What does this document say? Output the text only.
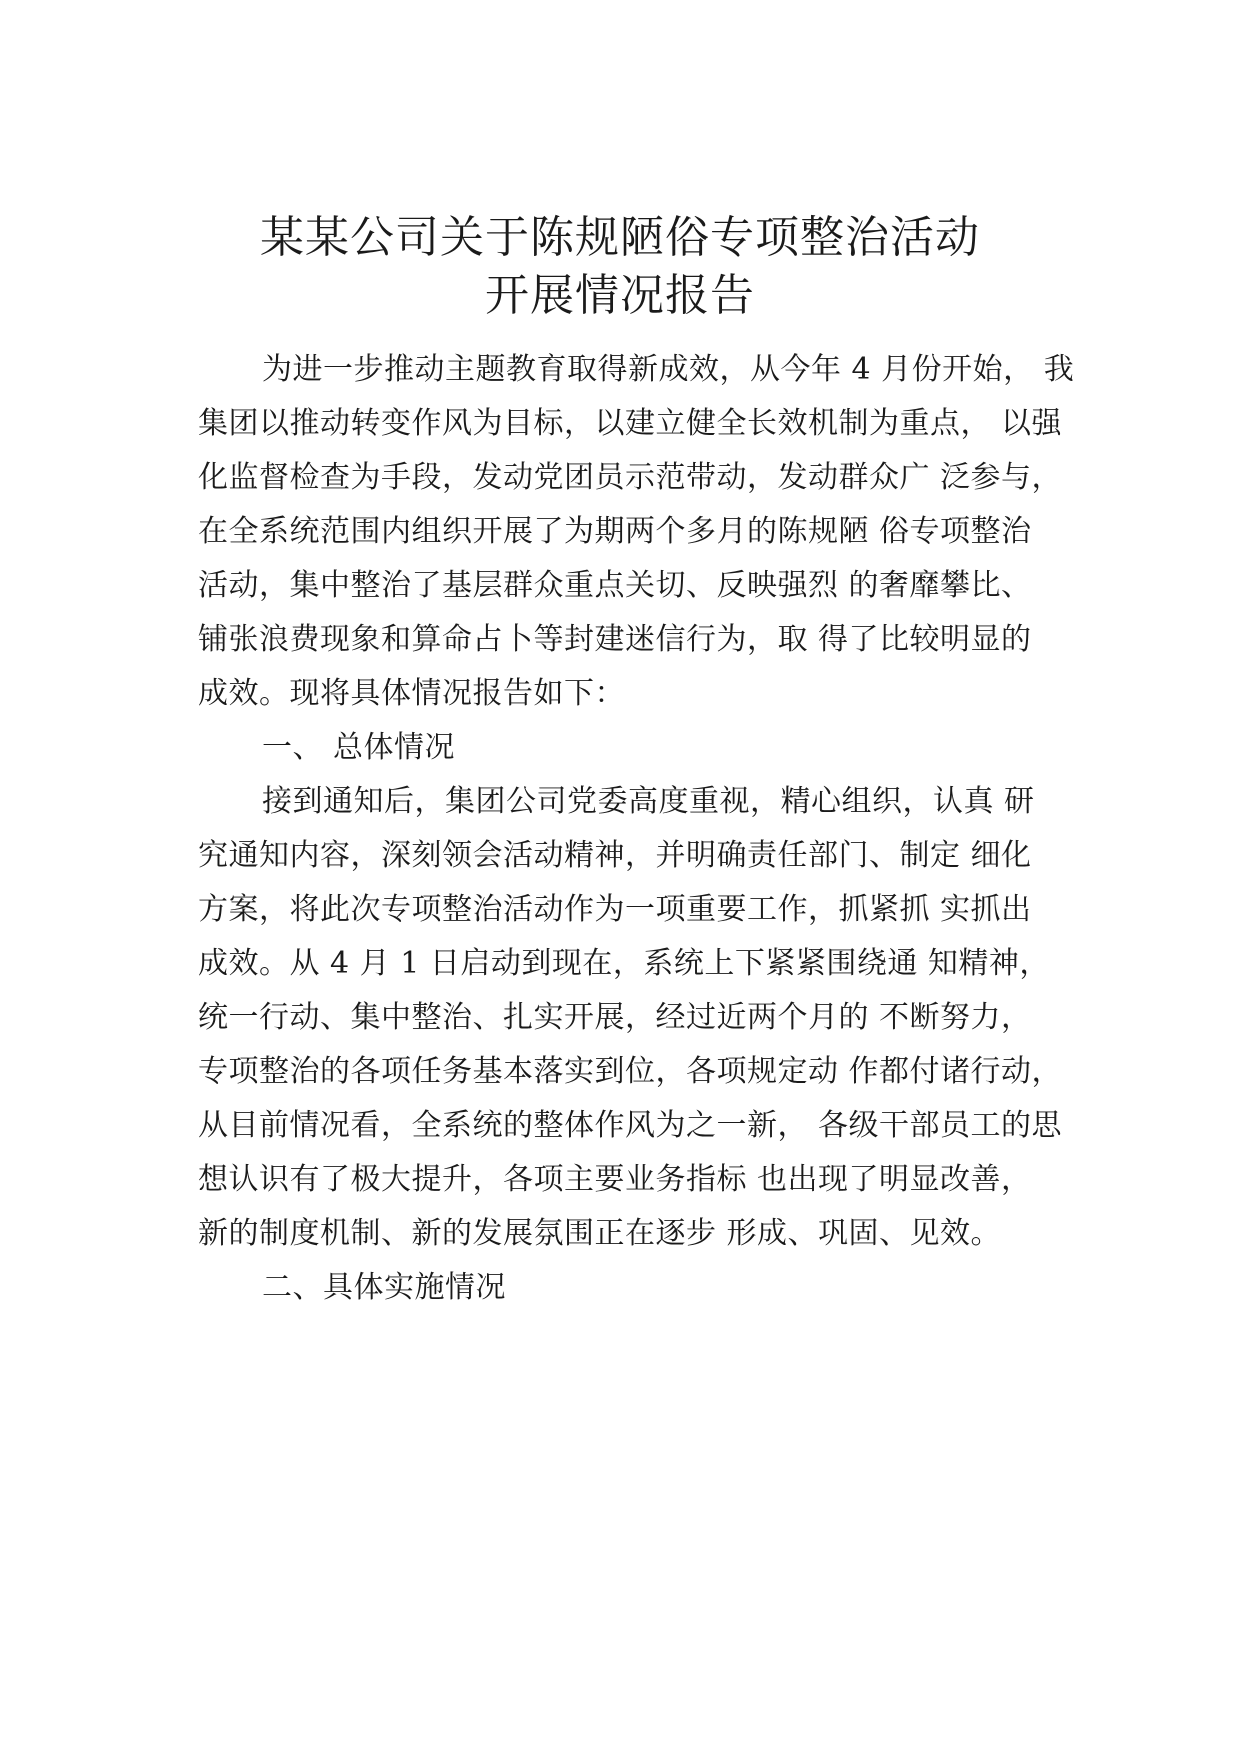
某某公司关于陈规陋俗专项整治活动
开展情况报告

为进一步推动主题教育取得新成效，从今年 4 月份开始， 我

集团以推动转变作风为目标，以建立健全长效机制为重点， 以强

化监督检查为手段，发动党团员示范带动，发动群众广 泛参与，

在全系统范围内组织开展了为期两个多月的陈规陋 俗专项整治

活动，集中整治了基层群众重点关切、反映强烈 的奢靡攀比、

铺张浪费现象和算命占卜等封建迷信行为，取 得了比较明显的

成效。现将具体情况报告如下：

一、 总体情况

接到通知后，集团公司党委高度重视，精心组织，认真 研

究通知内容，深刻领会活动精神，并明确责任部门、制定 细化

方案，将此次专项整治活动作为一项重要工作，抓紧抓 实抓出

成效。从 4 月 1 日启动到现在，系统上下紧紧围绕通 知精神，

统一行动、集中整治、扎实开展，经过近两个月的 不断努力，

专项整治的各项任务基本落实到位，各项规定动 作都付诸行动，

从目前情况看，全系统的整体作风为之一新， 各级干部员工的思

想认识有了极大提升，各项主要业务指标 也出现了明显改善，

新的制度机制、新的发展氛围正在逐步 形成、巩固、见效。

二、具体实施情况
